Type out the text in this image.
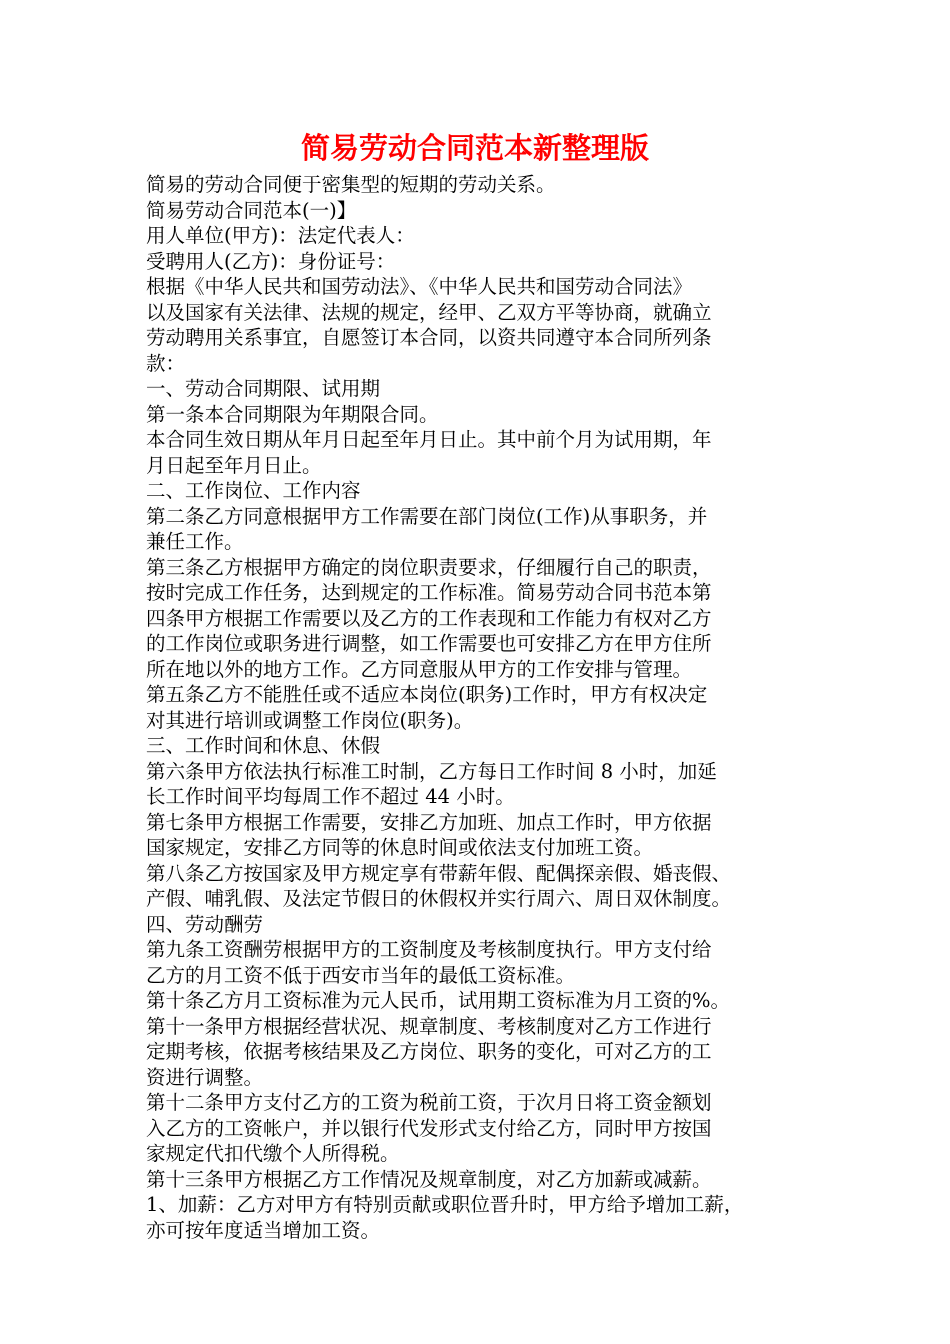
简易劳动合同范本新整理版
简易的劳动合同便于密集型的短期的劳动关系。
简易劳动合同范本(一)】
用人单位(甲方)：法定代表人：
受聘用人(乙方)：身份证号：
根据《中华人民共和国劳动法》、《中华人民共和国劳动合同法》
以及国家有关法律、法规的规定，经甲、乙双方平等协商，就确立
劳动聘用关系事宜，自愿签订本合同，以资共同遵守本合同所列条
款：
一、劳动合同期限、试用期
第一条本合同期限为年期限合同。
本合同生效日期从年月日起至年月日止。其中前个月为试用期，年
月日起至年月日止。
二、工作岗位、工作内容
第二条乙方同意根据甲方工作需要在部门岗位(工作)从事职务，并
兼任工作。
第三条乙方根据甲方确定的岗位职责要求，仔细履行自己的职责，
按时完成工作任务，达到规定的工作标准。简易劳动合同书范本第
四条甲方根据工作需要以及乙方的工作表现和工作能力有权对乙方
的工作岗位或职务进行调整，如工作需要也可安排乙方在甲方住所
所在地以外的地方工作。乙方同意服从甲方的工作安排与管理。
第五条乙方不能胜任或不适应本岗位(职务)工作时，甲方有权决定
对其进行培训或调整工作岗位(职务)。
三、工作时间和休息、休假
第六条甲方依法执行标准工时制，乙方每日工作时间 8 小时，加延
长工作时间平均每周工作不超过 44 小时。
第七条甲方根据工作需要，安排乙方加班、加点工作时，甲方依据
国家规定，安排乙方同等的休息时间或依法支付加班工资。
第八条乙方按国家及甲方规定享有带薪年假、配偶探亲假、婚丧假、
产假、哺乳假、及法定节假日的休假权并实行周六、周日双休制度。
四、劳动酬劳
第九条工资酬劳根据甲方的工资制度及考核制度执行。甲方支付给
乙方的月工资不低于西安市当年的最低工资标准。
第十条乙方月工资标准为元人民币，试用期工资标准为月工资的%。
第十一条甲方根据经营状况、规章制度、考核制度对乙方工作进行
定期考核，依据考核结果及乙方岗位、职务的变化，可对乙方的工
资进行调整。
第十二条甲方支付乙方的工资为税前工资，于次月日将工资金额划
入乙方的工资帐户，并以银行代发形式支付给乙方，同时甲方按国
家规定代扣代缴个人所得税。
第十三条甲方根据乙方工作情况及规章制度，对乙方加薪或减薪。
1、加薪：乙方对甲方有特别贡献或职位晋升时，甲方给予增加工薪，
亦可按年度适当增加工资。
